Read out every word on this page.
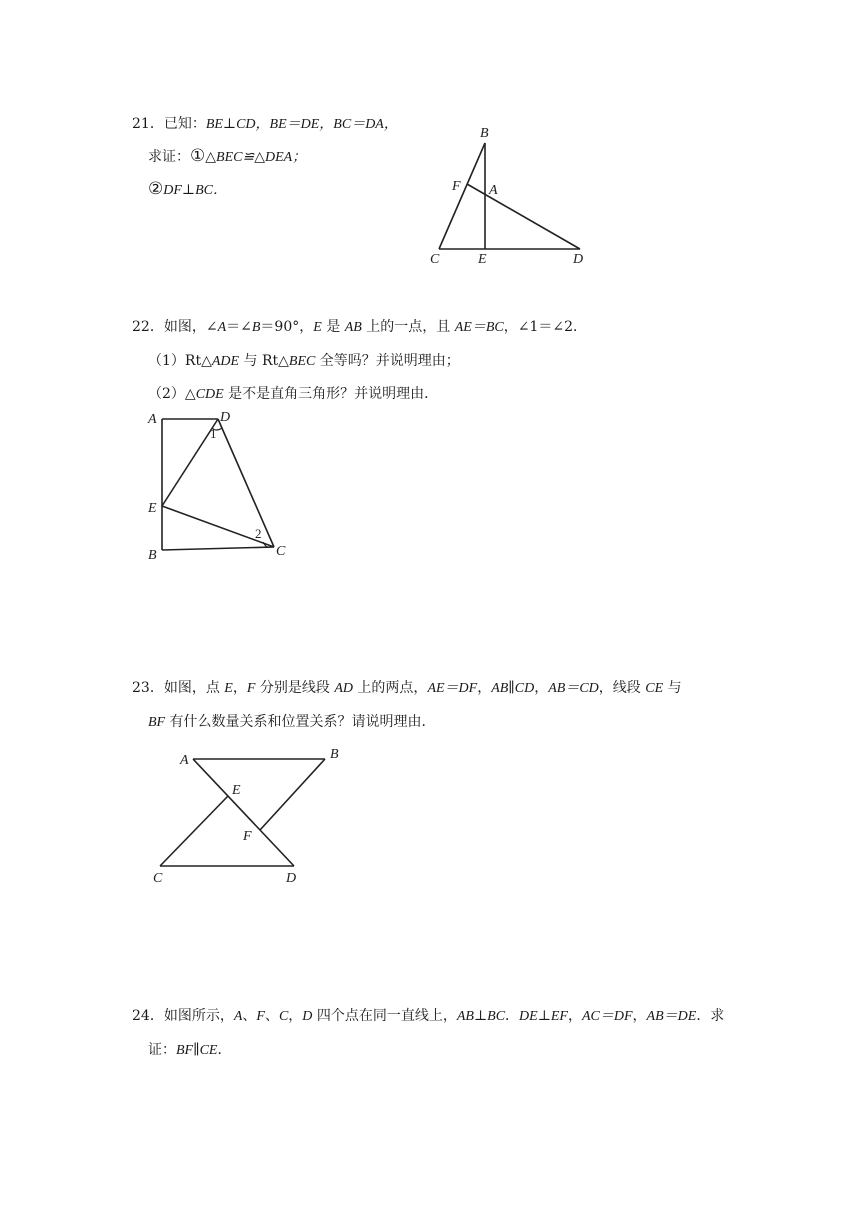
21．已知：BE⊥CD，BE＝DE，BC＝DA，
求证：①△BEC≌△DEA；
②DF⊥BC．
B
F A
C	E	D
22．如图，∠A＝∠B＝90°，E 是 AB 上的一点，且 AE＝BC，∠1＝∠2．
（1）Rt△ADE 与 Rt△BEC 全等吗？并说明理由；
（2）△CDE 是不是直角三角形？并说明理由．
A	D
1
E
2
B	C
23．如图，点 E，F 分别是线段 AD 上的两点，AE＝DF，AB∥CD，AB＝CD，线段 CE 与
BF 有什么数量关系和位置关系？请说明理由．
A	B
E
F
C	D
24．如图所示，A、F、C，D 四个点在同一直线上，AB⊥BC．DE⊥EF，AC＝DF，AB＝DE．求
证：BF∥CE．
